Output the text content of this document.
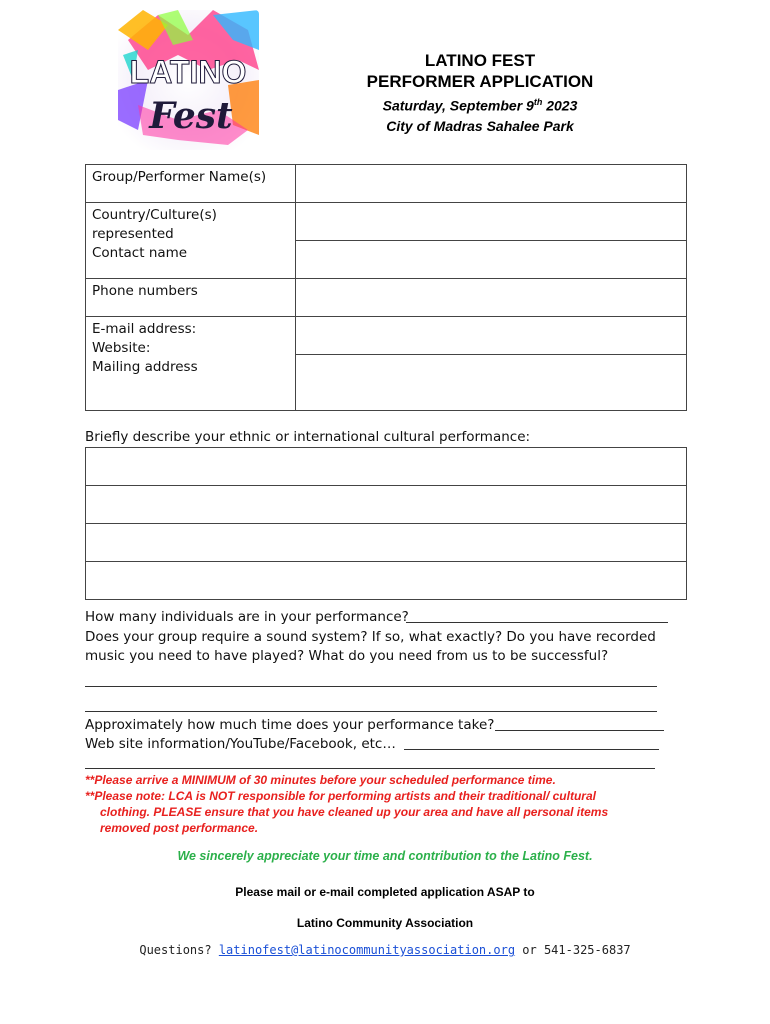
LATINO
Fest
LATINO FEST
PERFORMER APPLICATION
Saturday, September 9th 2023
City of Madras Sahalee Park
Group/Performer Name(s)	

Country/Culture(s) represented
Contact name	

Phone numbers	

E-mail address:
Website:
Mailing address	

Briefly describe your ethnic or international cultural performance:

How many individuals are in your performance?
Does your group require a sound system? If so, what exactly? Do you have recorded
music you need to have played? What do you need from us to be successful?
Approximately how much time does your performance take?
Web site information/YouTube/Facebook, etc…
**Please arrive a MINIMUM of 30 minutes before your scheduled performance time.
**Please note: LCA is NOT responsible for performing artists and their traditional/ cultural
clothing. PLEASE ensure that you have cleaned up your area and have all personal items
removed post performance.
We sincerely appreciate your time and contribution to the Latino Fest.
Please mail or e-mail completed application ASAP to
Latino Community Association
Questions? latinofest@latinocommunityassociation.org or 541-325-6837
